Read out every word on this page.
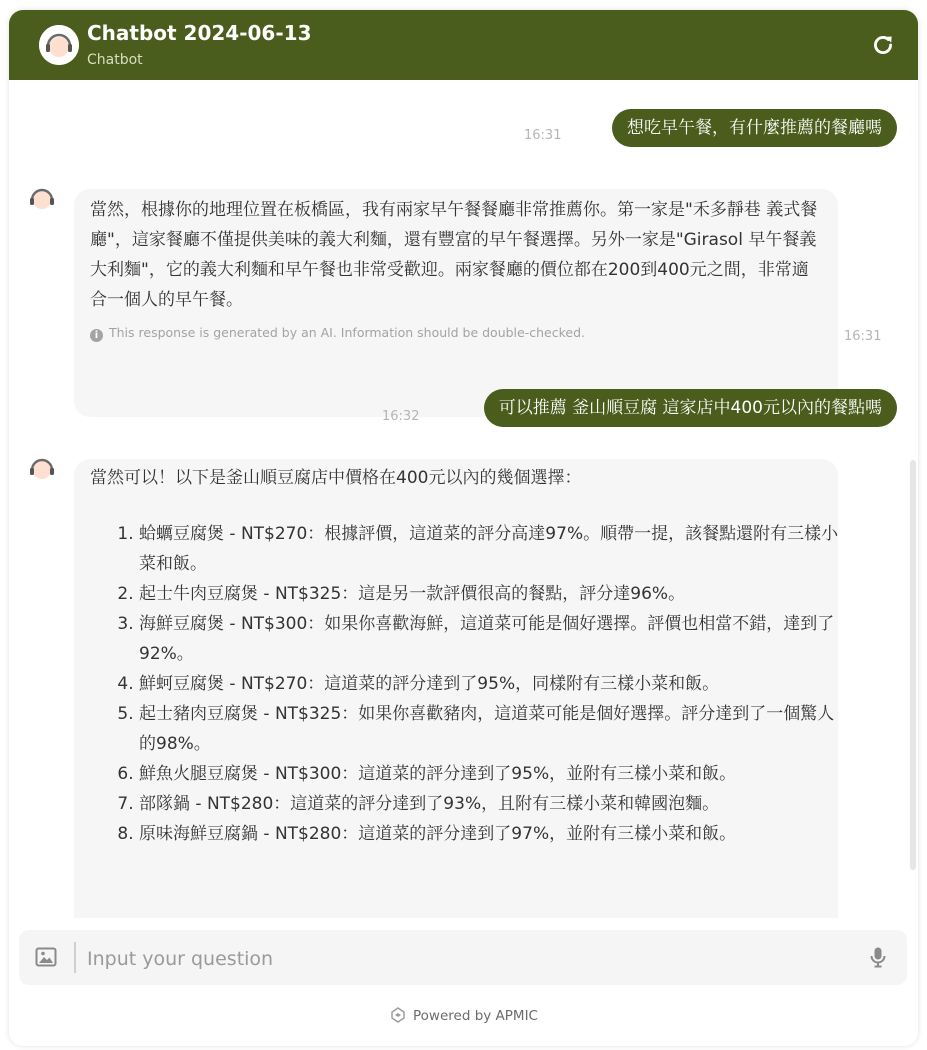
Chatbot 2024-06-13
Chatbot
想吃早午餐，有什麼推薦的餐廳嗎
16:31
當然，根據你的地理位置在板橋區，我有兩家早午餐餐廳非常推薦你。第一家是"禾多靜巷 義式餐廳"，這家餐廳不僅提供美味的義大利麵，還有豐富的早午餐選擇。另外一家是"Girasol 早午餐義大利麵"，它的義大利麵和早午餐也非常受歡迎。兩家餐廳的價位都在200到400元之間，非常適合一個人的早午餐。
i This response is generated by an AI. Information should be double-checked.	16:31
可以推薦 釜山順豆腐 這家店中400元以內的餐點嗎
16:32
當然可以！以下是釜山順豆腐店中價格在400元以內的幾個選擇：
1. 蛤蠣豆腐煲 - NT$270：根據評價，這道菜的評分高達97%。順帶一提，該餐點還附有三樣小菜和飯。
2. 起士牛肉豆腐煲 - NT$325：這是另一款評價很高的餐點，評分達96%。
3. 海鮮豆腐煲 - NT$300：如果你喜歡海鮮，這道菜可能是個好選擇。評價也相當不錯，達到了92%。
4. 鮮蚵豆腐煲 - NT$270：這道菜的評分達到了95%，同樣附有三樣小菜和飯。
5. 起士豬肉豆腐煲 - NT$325：如果你喜歡豬肉，這道菜可能是個好選擇。評分達到了一個驚人的98%。
6. 鮮魚火腿豆腐煲 - NT$300：這道菜的評分達到了95%，並附有三樣小菜和飯。
7. 部隊鍋 - NT$280：這道菜的評分達到了93%，且附有三樣小菜和韓國泡麵。
8. 原味海鮮豆腐鍋 - NT$280：這道菜的評分達到了97%，並附有三樣小菜和飯。
Input your question
Powered by APMIC
